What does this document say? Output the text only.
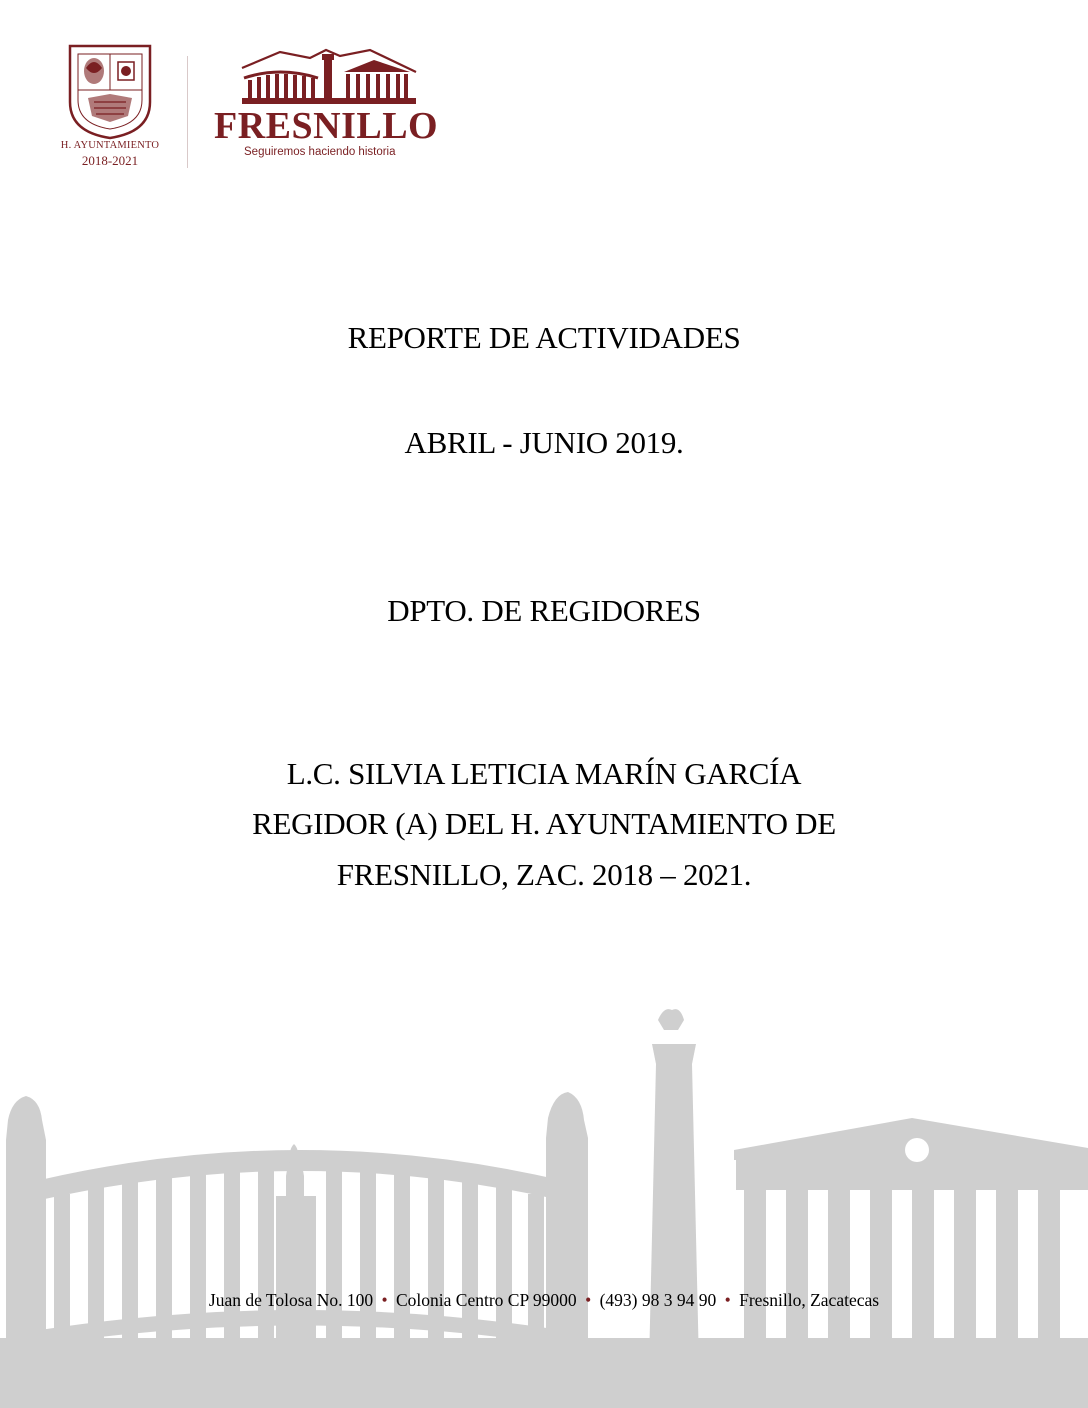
H. AYUNTAMIENTO
2018-2021
FRESNILLO
Seguiremos haciendo historia
REPORTE DE ACTIVIDADES
ABRIL - JUNIO 2019.
DPTO. DE REGIDORES
L.C. SILVIA LETICIA MARÍN GARCÍA
REGIDOR (A) DEL H. AYUNTAMIENTO DE
FRESNILLO, ZAC. 2018 – 2021.
Juan de Tolosa No. 100 • Colonia Centro CP 99000 • (493) 98 3 94 90 • Fresnillo, Zacatecas
